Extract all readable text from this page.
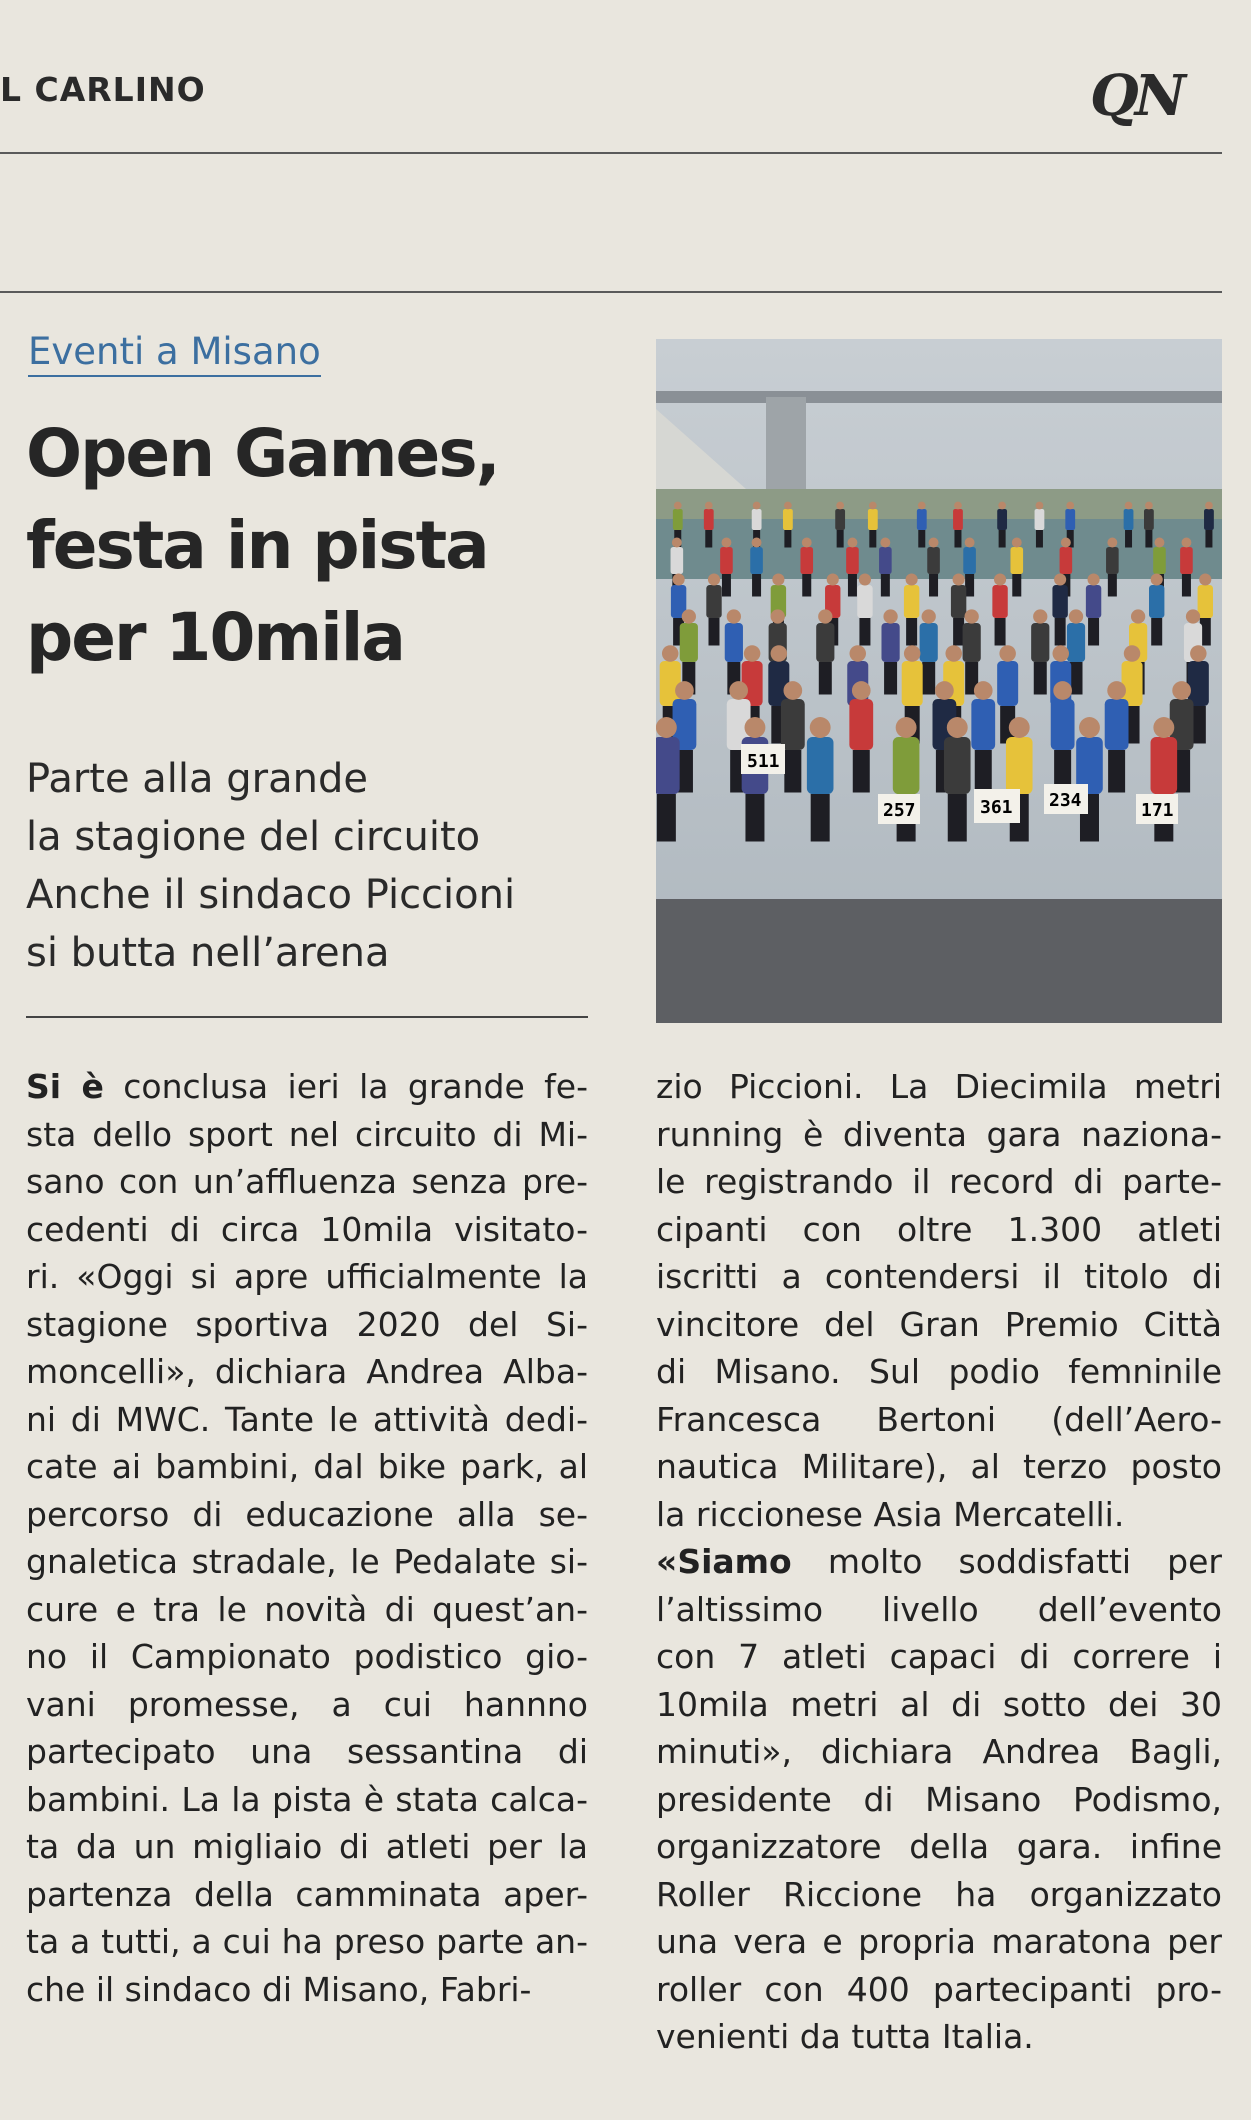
L CARLINO	QN
Eventi a Misano
Open Games,
festa in pista
per 10mila
Parte alla grande
la stagione del circuito
Anche il sindaco Piccioni
si butta nell’arena
511
257	361 234	171
Si è conclusa ieri la grande fe-
sta dello sport nel circuito di Mi-
sano con un’affluenza senza pre-
cedenti di circa 10mila visitato-
ri. «Oggi si apre ufficialmente la
stagione sportiva 2020 del Si-
moncelli», dichiara Andrea Alba-
ni di MWC. Tante le attività dedi-
cate ai bambini, dal bike park, al
percorso di educazione alla se-
gnaletica stradale, le Pedalate si-
cure e tra le novità di quest’an-
no il Campionato podistico gio-
vani promesse, a cui hannno
partecipato una sessantina di
bambini. La la pista è stata calca-
ta da un migliaio di atleti per la
partenza della camminata aper-
ta a tutti, a cui ha preso parte an-
che il sindaco di Misano, Fabri-
zio Piccioni. La Diecimila metri
running è diventa gara naziona-
le registrando il record di parte-
cipanti con oltre 1.300 atleti
iscritti a contendersi il titolo di
vincitore del Gran Premio Città
di Misano. Sul podio femninile
Francesca Bertoni (dell’Aero-
nautica Militare), al terzo posto
la riccionese Asia Mercatelli.
«Siamo molto soddisfatti per
l’altissimo livello dell’evento
con 7 atleti capaci di correre i
10mila metri al di sotto dei 30
minuti», dichiara Andrea Bagli,
presidente di Misano Podismo,
organizzatore della gara. infine
Roller Riccione ha organizzato
una vera e propria maratona per
roller con 400 partecipanti pro-
venienti da tutta Italia.
